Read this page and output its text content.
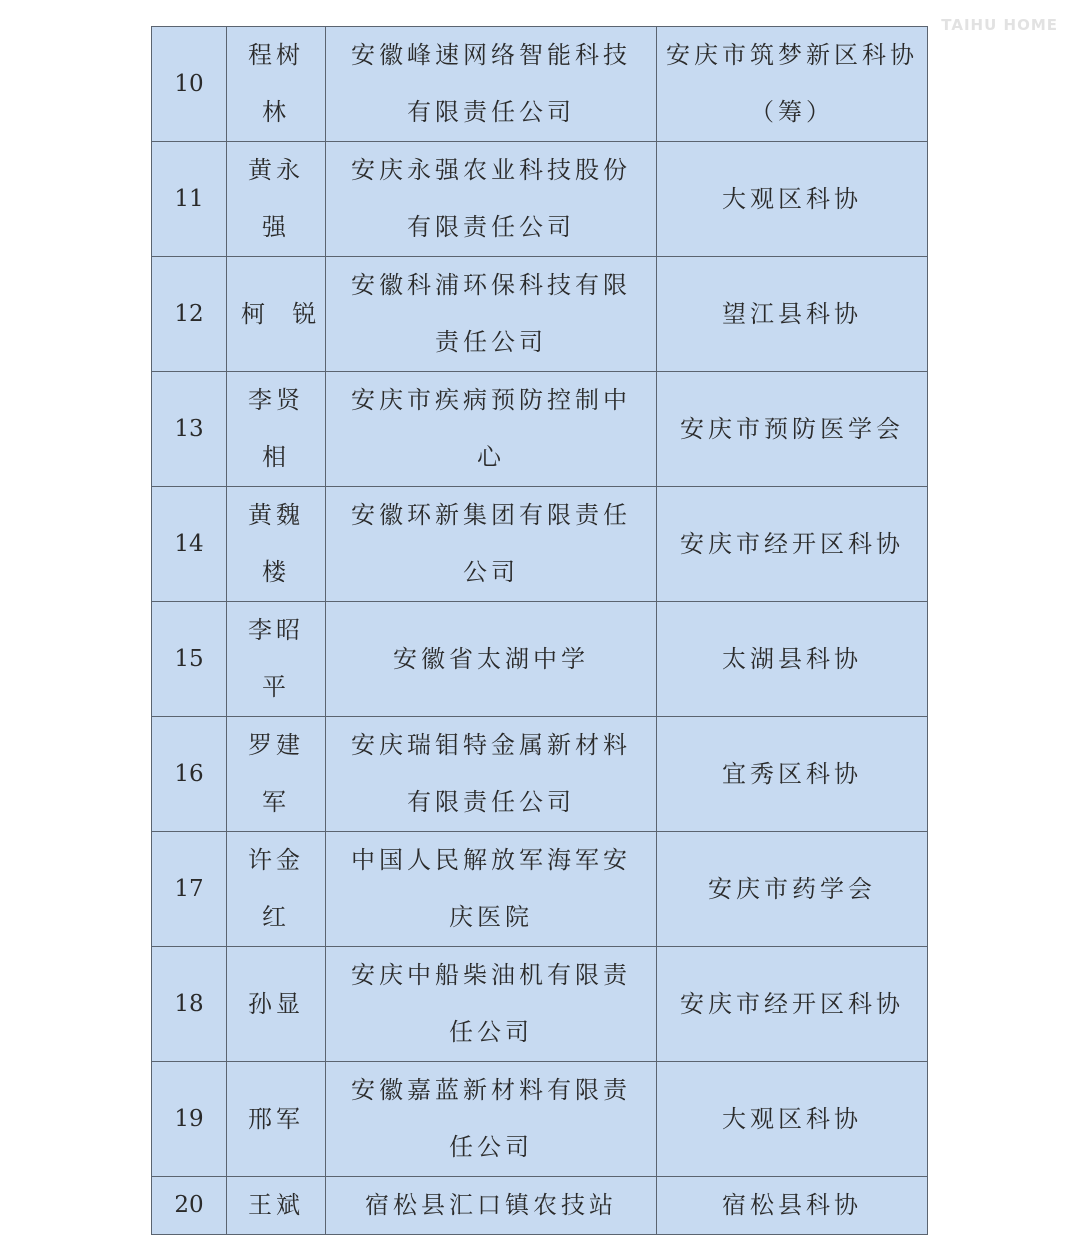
TAIHU HOME
10	程树林	安徽峰速网络智能科技有限责任公司	安庆市筑梦新区科协（筹）
11	黄永强	安庆永强农业科技股份有限责任公司	大观区科协
12	柯  锐	安徽科浦环保科技有限责任公司	望江县科协
13	李贤相	安庆市疾病预防控制中心	安庆市预防医学会
14	黄魏楼	安徽环新集团有限责任公司	安庆市经开区科协
15	李昭平	安徽省太湖中学	太湖县科协
16	罗建军	安庆瑞钼特金属新材料有限责任公司	宜秀区科协
17	许金红	中国人民解放军海军安庆医院	安庆市药学会
18	孙显	安庆中船柴油机有限责任公司	安庆市经开区科协
19	邢军	安徽嘉蓝新材料有限责任公司	大观区科协
20	王斌	宿松县汇口镇农技站	宿松县科协
